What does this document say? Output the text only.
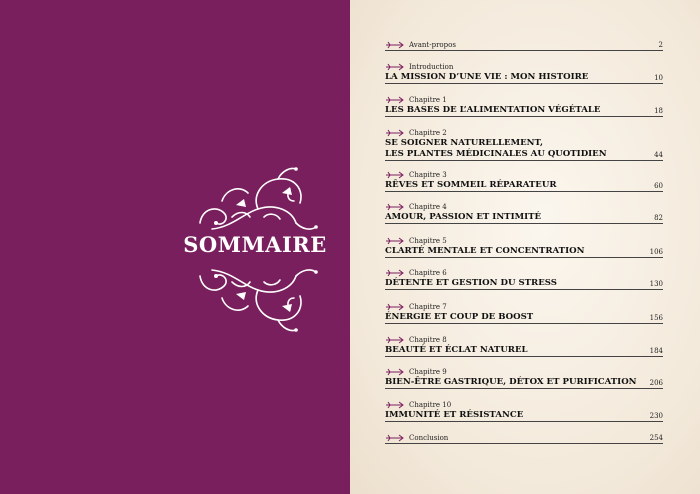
SOMMAIRE
Avant-propos	2
Introduction
LA MISSION D’UNE VIE : MON HISTOIRE	10
Chapitre 1
LES BASES DE L’ALIMENTATION VÉGÉTALE	18
Chapitre 2
SE SOIGNER NATURELLEMENT,
LES PLANTES MÉDICINALES AU QUOTIDIEN	44
Chapitre 3
RÊVES ET SOMMEIL RÉPARATEUR	60
Chapitre 4
AMOUR, PASSION ET INTIMITÉ	82
Chapitre 5
CLARTÉ MENTALE ET CONCENTRATION	106
Chapitre 6
DÉTENTE ET GESTION DU STRESS	130
Chapitre 7
ÉNERGIE ET COUP DE BOOST	156
Chapitre 8
BEAUTÉ ET ÉCLAT NATUREL	184
Chapitre 9
BIEN-ÊTRE GASTRIQUE, DÉTOX ET PURIFICATION	206
Chapitre 10
IMMUNITÉ ET RÉSISTANCE	230
Conclusion	254
